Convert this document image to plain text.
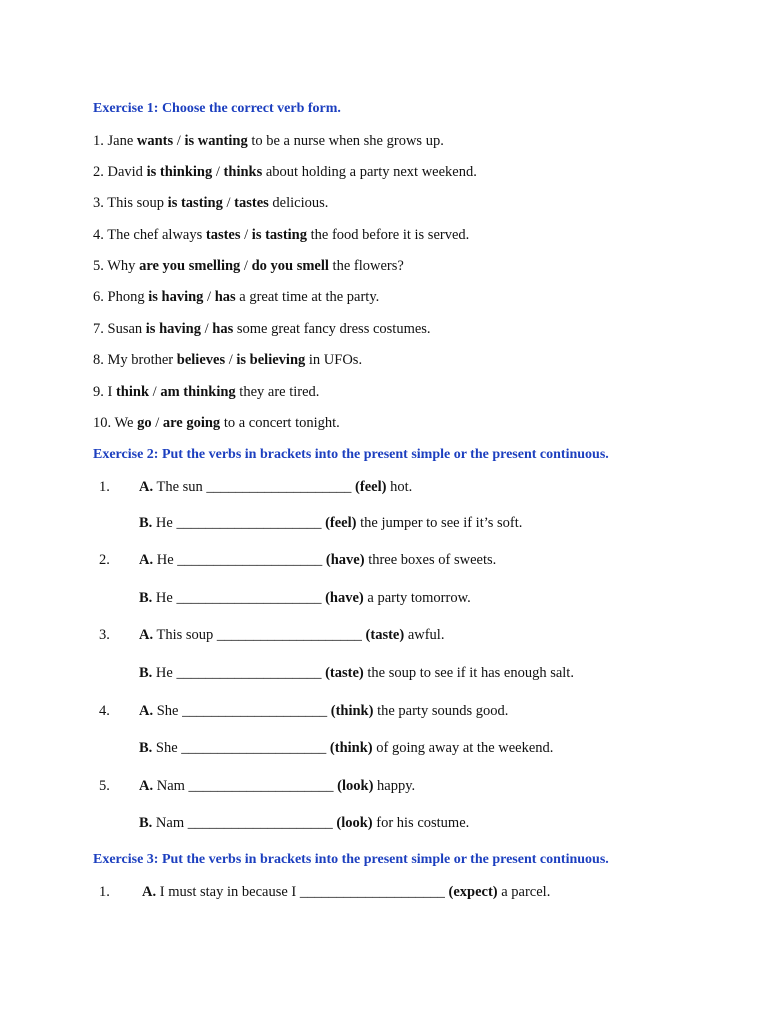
Exercise 1: Choose the correct verb form.

1. Jane wants / is wanting to be a nurse when she grows up.

2. David is thinking / thinks about holding a party next weekend.

3. This soup is tasting / tastes delicious.

4. The chef always tastes / is tasting the food before it is served.

5. Why are you smelling / do you smell the flowers?

6. Phong is having / has a great time at the party.

7. Susan is having / has some great fancy dress costumes.

8. My brother believes / is believing in UFOs.

9. I think / am thinking they are tired.

10. We go / are going to a concert tonight.

Exercise 2: Put the verbs in brackets into the present simple or the present continuous.

1. A. The sun ____________________ (feel) hot.
B. He ____________________ (feel) the jumper to see if it’s soft.
2. A. He ____________________ (have) three boxes of sweets.
B. He ____________________ (have) a party tomorrow.
3. A. This soup ____________________ (taste) awful.
B. He ____________________ (taste) the soup to see if it has enough salt.
4. A. She ____________________ (think) the party sounds good.
B. She ____________________ (think) of going away at the weekend.
5. A. Nam ____________________ (look) happy.
B. Nam ____________________ (look) for his costume.

Exercise 3: Put the verbs in brackets into the present simple or the present continuous.

1. A. I must stay in because I ____________________ (expect) a parcel.
